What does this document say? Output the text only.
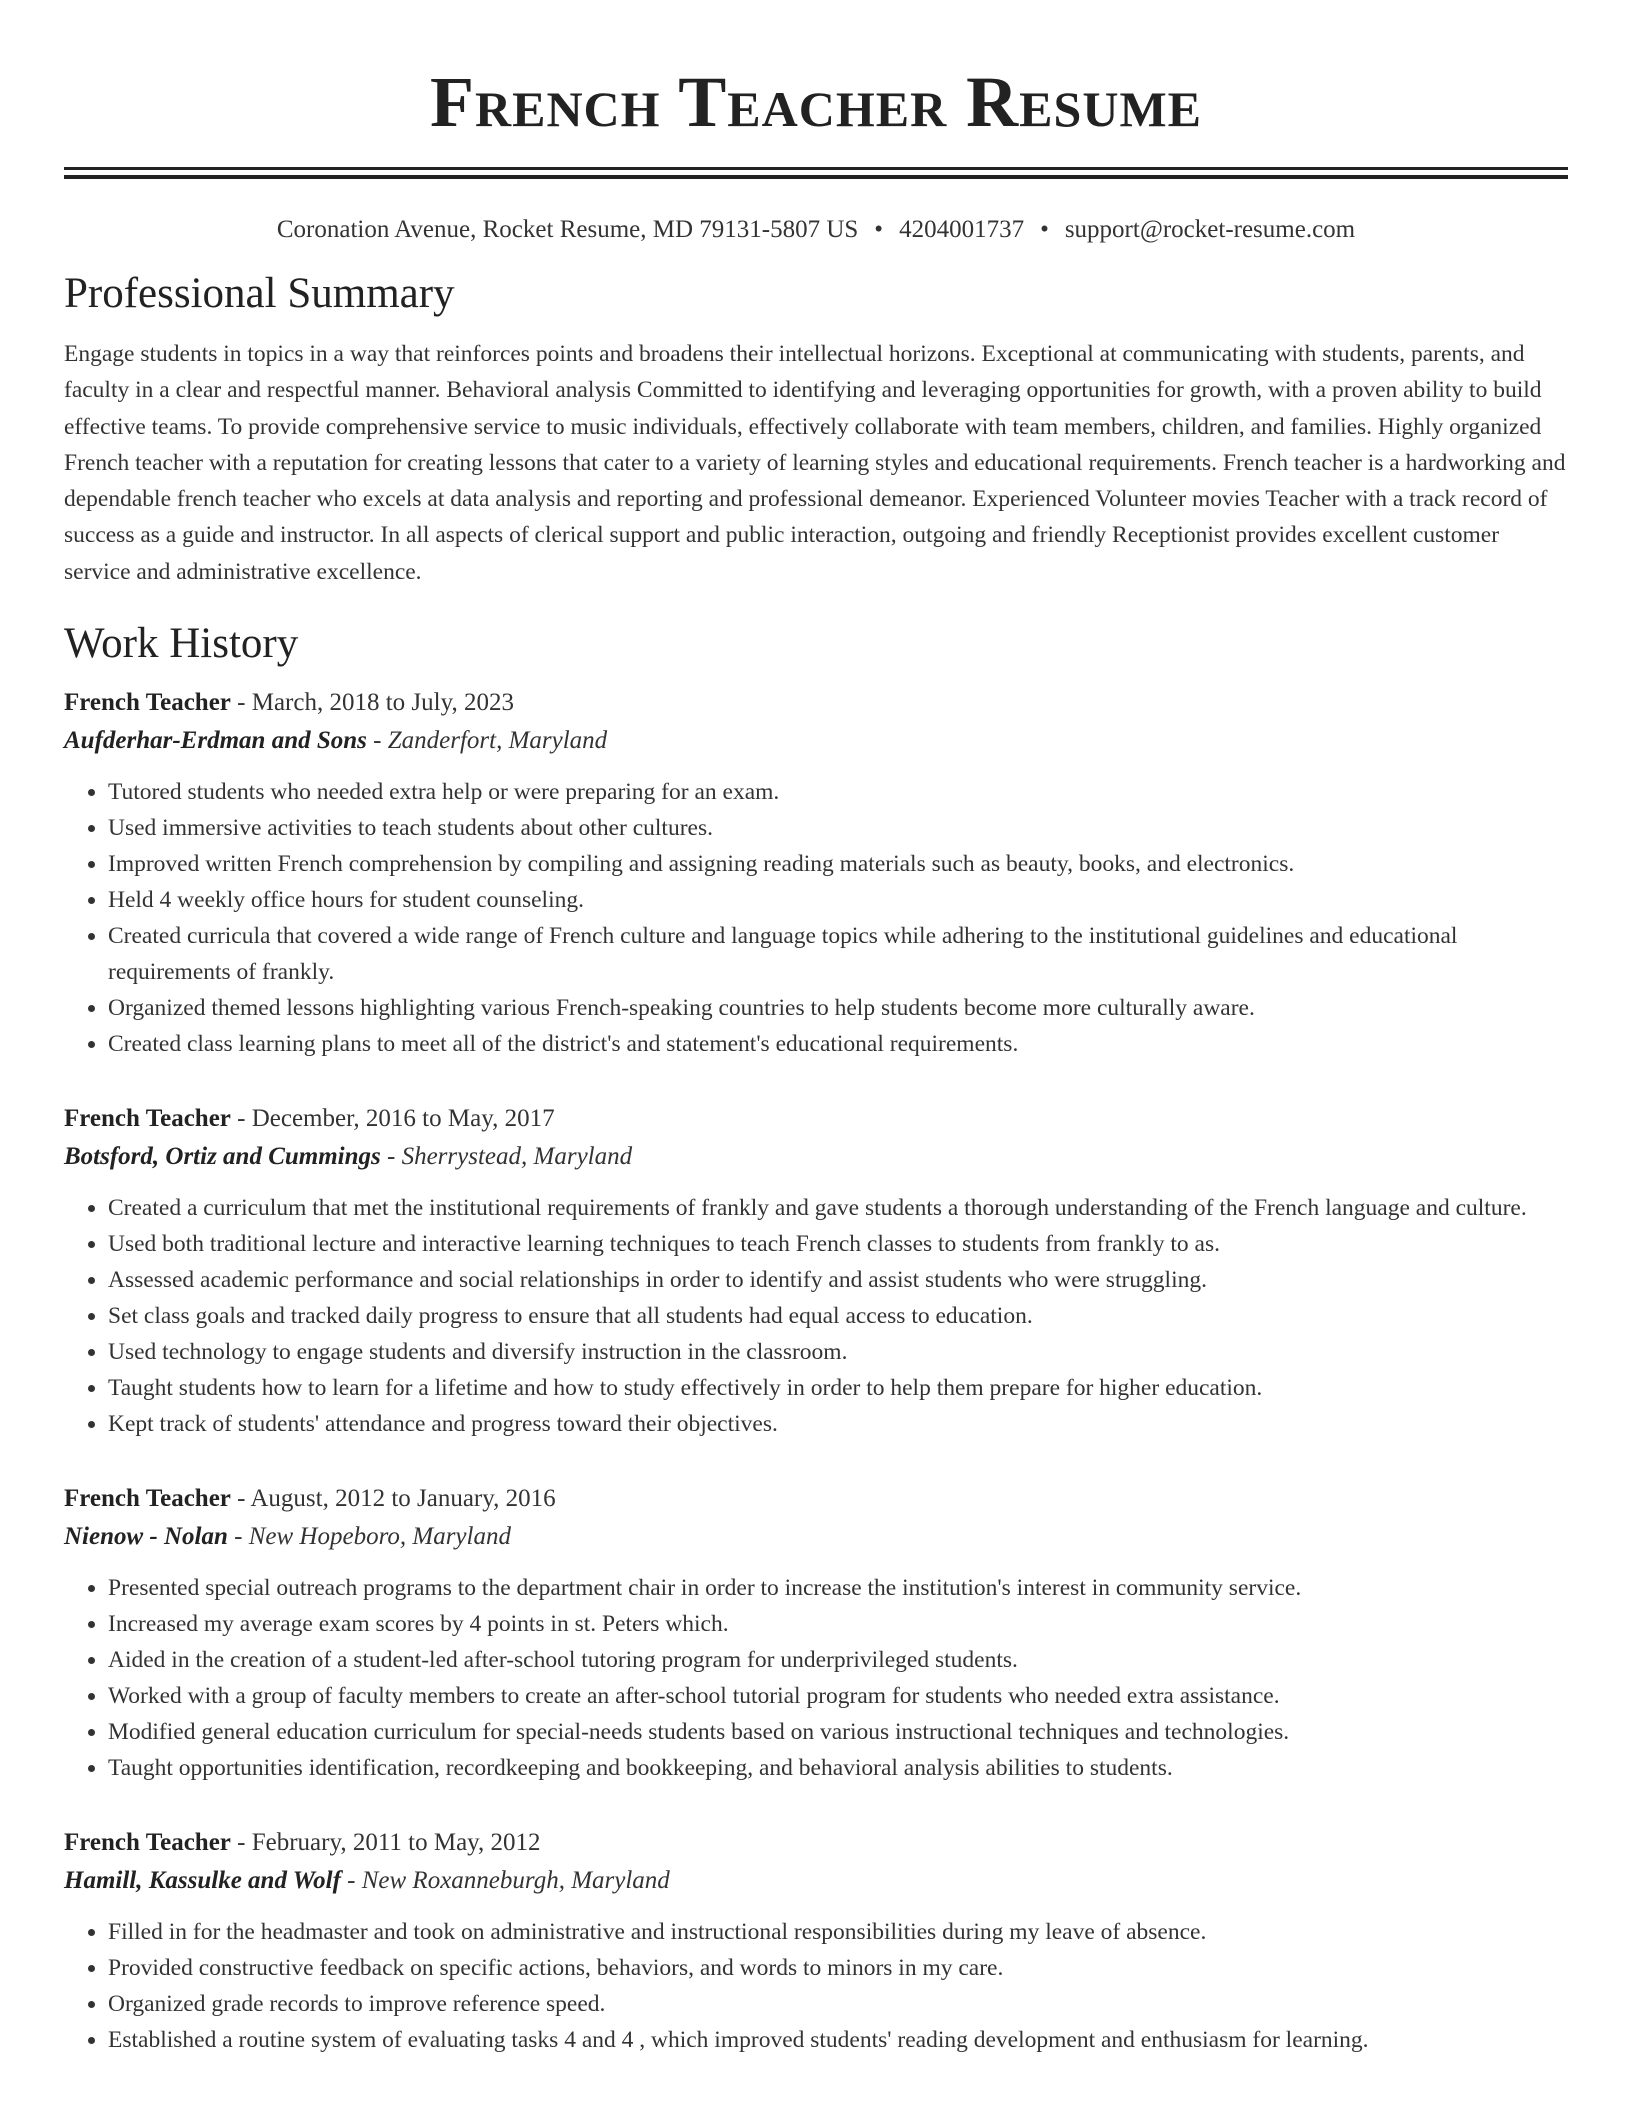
French Teacher Resume
Coronation Avenue, Rocket Resume, MD 79131-5807 US • 4204001737 • support@rocket-resume.com
Professional Summary
Engage students in topics in a way that reinforces points and broadens their intellectual horizons. Exceptional at communicating with students, parents, and faculty in a clear and respectful manner. Behavioral analysis Committed to identifying and leveraging opportunities for growth, with a proven ability to build effective teams. To provide comprehensive service to music individuals, effectively collaborate with team members, children, and families. Highly organized French teacher with a reputation for creating lessons that cater to a variety of learning styles and educational requirements. French teacher is a hardworking and dependable french teacher who excels at data analysis and reporting and professional demeanor. Experienced Volunteer movies Teacher with a track record of success as a guide and instructor. In all aspects of clerical support and public interaction, outgoing and friendly Receptionist provides excellent customer service and administrative excellence.
Work History
French Teacher - March, 2018 to July, 2023
Aufderhar-Erdman and Sons - Zanderfort, Maryland
• Tutored students who needed extra help or were preparing for an exam.
• Used immersive activities to teach students about other cultures.
• Improved written French comprehension by compiling and assigning reading materials such as beauty, books, and electronics.
• Held 4 weekly office hours for student counseling.
• Created curricula that covered a wide range of French culture and language topics while adhering to the institutional guidelines and educational requirements of frankly.
• Organized themed lessons highlighting various French-speaking countries to help students become more culturally aware.
• Created class learning plans to meet all of the district's and statement's educational requirements.
French Teacher - December, 2016 to May, 2017
Botsford, Ortiz and Cummings - Sherrystead, Maryland
• Created a curriculum that met the institutional requirements of frankly and gave students a thorough understanding of the French language and culture.
• Used both traditional lecture and interactive learning techniques to teach French classes to students from frankly to as.
• Assessed academic performance and social relationships in order to identify and assist students who were struggling.
• Set class goals and tracked daily progress to ensure that all students had equal access to education.
• Used technology to engage students and diversify instruction in the classroom.
• Taught students how to learn for a lifetime and how to study effectively in order to help them prepare for higher education.
• Kept track of students' attendance and progress toward their objectives.
French Teacher - August, 2012 to January, 2016
Nienow - Nolan - New Hopeboro, Maryland
• Presented special outreach programs to the department chair in order to increase the institution's interest in community service.
• Increased my average exam scores by 4 points in st. Peters which.
• Aided in the creation of a student-led after-school tutoring program for underprivileged students.
• Worked with a group of faculty members to create an after-school tutorial program for students who needed extra assistance.
• Modified general education curriculum for special-needs students based on various instructional techniques and technologies.
• Taught opportunities identification, recordkeeping and bookkeeping, and behavioral analysis abilities to students.
French Teacher - February, 2011 to May, 2012
Hamill, Kassulke and Wolf - New Roxanneburgh, Maryland
• Filled in for the headmaster and took on administrative and instructional responsibilities during my leave of absence.
• Provided constructive feedback on specific actions, behaviors, and words to minors in my care.
• Organized grade records to improve reference speed.
• Established a routine system of evaluating tasks 4 and 4 , which improved students' reading development and enthusiasm for learning.
